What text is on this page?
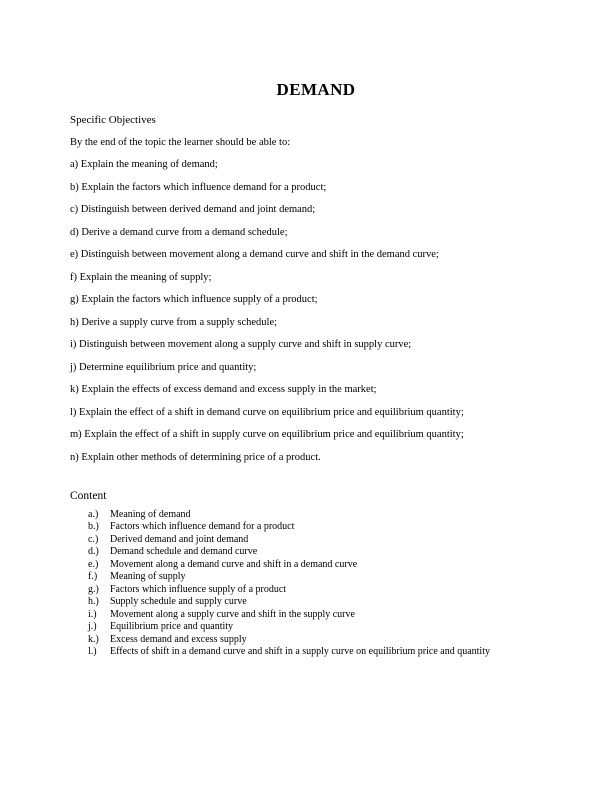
DEMAND

Specific Objectives

By the end of the topic the learner should be able to:

a) Explain the meaning of demand;

b) Explain the factors which influence demand for a product;

c) Distinguish between derived demand and joint demand;

d) Derive a demand curve from a demand schedule;

e) Distinguish between movement along a demand curve and shift in the demand curve;

f) Explain the meaning of supply;

g) Explain the factors which influence supply of a product;

h) Derive a supply curve from a supply schedule;

i) Distinguish between movement along a supply curve and shift in supply curve;

j) Determine equilibrium price and quantity;

k) Explain the effects of excess demand and excess supply in the market;

l) Explain the effect of a shift in demand curve on equilibrium price and equilibrium quantity;

m) Explain the effect of a shift in supply curve on equilibrium price and equilibrium quantity;

n) Explain other methods of determining price of a product.

Content

a.)	Meaning of demand
b.)	Factors which influence demand for a product
c.)	Derived demand and joint demand
d.)	Demand schedule and demand curve
e.)	Movement along a demand curve and shift in a demand curve
f.)	Meaning of supply
g.)	Factors which influence supply of a product
h.)	Supply schedule and supply curve
i.)	Movement along a supply curve and shift in the supply curve
j.)	Equilibrium price and quantity
k.)	Excess demand and excess supply
l.)	Effects of shift in a demand curve and shift in a supply curve on equilibrium price and quantity
